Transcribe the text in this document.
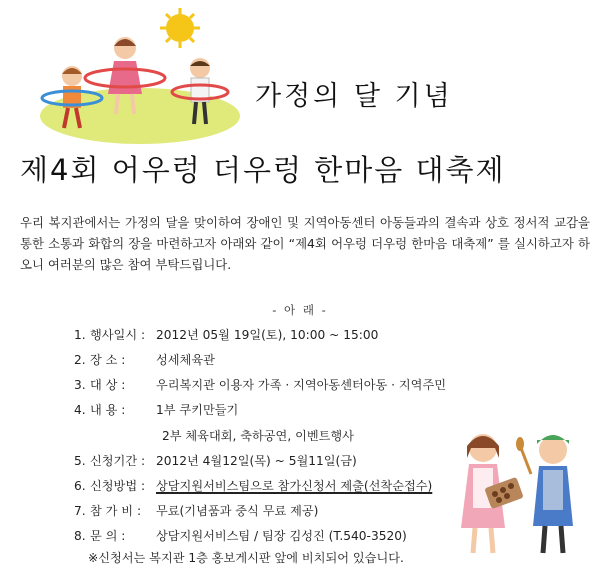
가정의 달 기념
제4회 어우렁 더우렁 한마음 대축제
우리 복지관에서는 가정의 달을 맞이하여 장애인 및 지역아동센터 아동들과의 결속과 상호 정서적 교감을 통한 소통과 화합의 장을 마련하고자 아래와 같이 “제4회 어우렁 더우렁 한마음 대축제” 를 실시하고자 하오니 여러분의 많은 참여 부탁드립니다.
- 아 래 -
1. 행사일시 : 2012년 05월 19일(토), 10:00 ~ 15:00
2. 장 소 :	성세체육관
3. 대 상 :	우리복지관 이용자 가족 · 지역아동센터아동 · 지역주민
4. 내 용 :	1부 쿠키만들기
2부 체육대회, 축하공연, 이벤트행사
5. 신청기간 : 2012년 4월12일(목) ~ 5월11일(금)
6. 신청방법 : 상담지원서비스팀으로 참가신청서 제출(선착순접수)
7. 참 가 비 : 무료(기념품과 중식 무료 제공)
8. 문 의 :	상담지원서비스팀 / 팀장 김성진 (T.540-3520)
※신청서는 복지관 1층 홍보게시판 앞에 비치되어 있습니다.
